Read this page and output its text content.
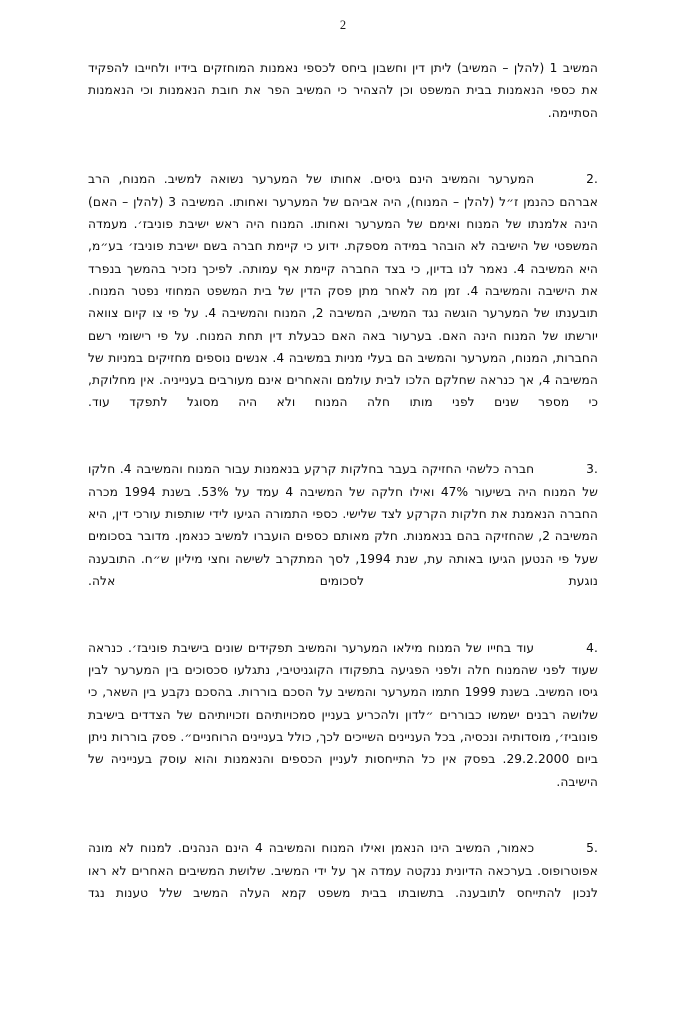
2

המשיב 1 (להלן – המשיב) ליתן דין וחשבון ביחס לכספי נאמנות המוחזקים בידיו ולחייבו להפקיד את כספי הנאמנות בבית המשפט וכן להצהיר כי המשיב הפר את חובת הנאמנות וכי הנאמנות הסתיימה.

.2המערער והמשיב הינם גיסים. אחותו של המערער נשואה למשיב. המנוח, הרב אברהם כהנמן ז״ל (להלן – המנוח), היה אביהם של המערער ואחותו. המשיבה 3 (להלן – האם) הינה אלמנתו של המנוח ואימם של המערער ואחותו. המנוח היה ראש ישיבת פוניבז׳. מעמדה המשפטי של הישיבה לא הובהר במידה מספקת. ידוע כי קיימת חברה בשם ישיבת פוניבז׳ בע״מ, היא המשיבה 4. נאמר לנו בדיון, כי בצד החברה קיימת אף עמותה. לפיכך נזכיר בהמשך בנפרד את הישיבה והמשיבה 4. זמן מה לאחר מתן פסק הדין של בית המשפט המחוזי נפטר המנוח. תובענתו של המערער הוגשה נגד המשיב, המשיבה 2, המנוח והמשיבה 4. על פי צו קיום צוואה יורשתו של המנוח הינה האם. בערעור באה האם כבעלת דין תחת המנוח. על פי רישומי רשם החברות, המנוח, המערער והמשיב הם בעלי מניות במשיבה 4. אנשים נוספים מחזיקים במניות של המשיבה 4, אך כנראה שחלקם הלכו לבית עולמם והאחרים אינם מעורבים בענייניה. אין מחלוקת, כי מספר שנים לפני מותו חלה המנוח ולא היה מסוגל לתפקד עוד.

.3חברה כלשהי החזיקה בעבר בחלקות קרקע בנאמנות עבור המנוח והמשיבה 4. חלקו של המנוח היה בשיעור 47% ואילו חלקה של המשיבה 4 עמד על 53%. בשנת 1994 מכרה החברה הנאמנת את חלקות הקרקע לצד שלישי. כספי התמורה הגיעו לידי שותפות עורכי דין, היא המשיבה 2, שהחזיקה בהם בנאמנות. חלק מאותם כספים הועברו למשיב כנאמן. מדובר בסכומים שעל פי הנטען הגיעו באותה עת, שנת 1994, לסך המתקרב לשישה וחצי מיליון ש״ח. התובענה נוגעת לסכומים אלה.

.4עוד בחייו של המנוח מילאו המערער והמשיב תפקידים שונים בישיבת פוניבז׳. כנראה שעוד לפני שהמנוח חלה ולפני הפגיעה בתפקודו הקוגניטיבי, נתגלעו סכסוכים בין המערער לבין גיסו המשיב. בשנת 1999 חתמו המערער והמשיב על הסכם בוררות. בהסכם נקבע בין השאר, כי שלושה רבנים ישמשו כבוררים ״לדון ולהכריע בעניין סמכויותיהם וזכויותיהם של הצדדים בישיבת פונוביז׳, מוסדותיה ונכסיה, בכל העניינים השייכים לכך, כולל בעניינים הרוחניים״. פסק בוררות ניתן ביום 29.2.2000. בפסק אין כל התייחסות לעניין הכספים והנאמנות והוא עוסק בענייניה של הישיבה.

.5כאמור, המשיב הינו הנאמן ואילו המנוח והמשיבה 4 הינם הנהנים. למנוח לא מונה אפוטרופוס. בערכאה הדיונית ננקטה עמדה אך על ידי המשיב. שלושת המשיבים האחרים לא ראו לנכון להתייחס לתובענה. בתשובתו בבית משפט קמא העלה המשיב שלל טענות נגד
